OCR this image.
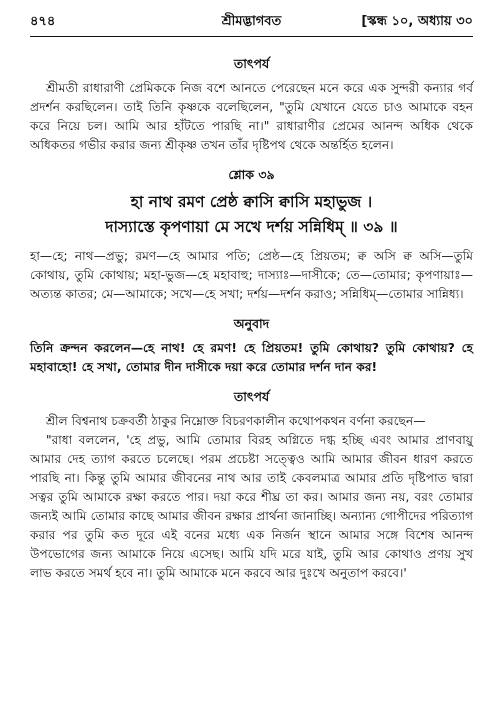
৪৭৪	শ্রীমদ্ভাগবত	[স্কন্ধ ১০, অধ্যায় ৩০

তাৎপর্য

শ্রীমতী রাধারাণী প্রেমিককে নিজ বশে আনতে পেরেছেন মনে করে এক সুন্দরী কন্যার গর্ব প্রদর্শন করছিলেন। তাই তিনি কৃষ্ণকে বলেছিলেন, "তুমি যেখানে যেতে চাও আমাকে বহন করে নিয়ে চল। আমি আর হাঁটতে পারছি না।" রাধারাণীর প্রেমের আনন্দ অধিক থেকে অধিকতর গভীর করার জন্য শ্রীকৃষ্ণ তখন তাঁর দৃষ্টিপথ থেকে অন্তর্হিত হলেন।

শ্লোক ৩৯

হা নাথ রমণ প্রেষ্ঠ ক্বাসি ক্বাসি মহাভুজ ।

দাস্যাস্তে কৃপণায়া মে সখে দর্শয় সন্নিধিম্ ॥ ৩৯ ॥

হা—হে; নাথ—প্রভু; রমণ—হে আমার পতি; প্রেষ্ঠ—হে প্রিয়তম; ক্ব অসি ক্ব অসি—তুমি কোথায়, তুমি কোথায়; মহা-ভুজ—হে মহাবাহু; দাস্যাঃ—দাসীকে; তে—তোমার; কৃপণায়াঃ—অত্যন্ত কাতর; মে—আমাকে; সখে—হে সখা; দর্শয়—দর্শন করাও; সন্নিধিম্—তোমার সান্নিধ্য।

অনুবাদ

তিনি ক্রন্দন করলেন—হে নাথ! হে রমণ! হে প্রিয়তম! তুমি কোথায়? তুমি কোথায়? হে মহাবাহো! হে সখা, তোমার দীন দাসীকে দয়া করে তোমার দর্শন দান কর!

তাৎপর্য

শ্রীল বিশ্বনাথ চক্রবর্তী ঠাকুর নিম্নোক্ত বিচরণকালীন কথোপকথন বর্ণনা করছেন—

"রাধা বললেন, 'হে প্রভু, আমি তোমার বিরহ অগ্নিতে দগ্ধ হচ্ছি এবং আমার প্রাণবায়ু আমার দেহ ত্যাগ করতে চলেছে। পরম প্রচেষ্টা সত্ত্বেও আমি আমার জীবন ধারণ করতে পারছি না। কিন্তু তুমি আমার জীবনের নাথ আর তাই কেবলমাত্র আমার প্রতি দৃষ্টিপাত দ্বারা সত্বর তুমি আমাকে রক্ষা করতে পার। দয়া করে শীঘ্র তা কর। আমার জন্য নয়, বরং তোমার জন্যই আমি তোমার কাছে আমার জীবন রক্ষার প্রার্থনা জানাচ্ছি। অন্যান্য গোপীদের পরিত্যাগ করার পর তুমি কত দূরে এই বনের মধ্যে এক নির্জন স্থানে আমার সঙ্গে বিশেষ আনন্দ উপভোগের জন্য আমাকে নিয়ে এসেছ। আমি যদি মরে যাই, তুমি আর কোথাও প্রণয় সুখ লাভ করতে সমর্থ হবে না। তুমি আমাকে মনে করবে আর দুঃখে অনুতাপ করবে।'
